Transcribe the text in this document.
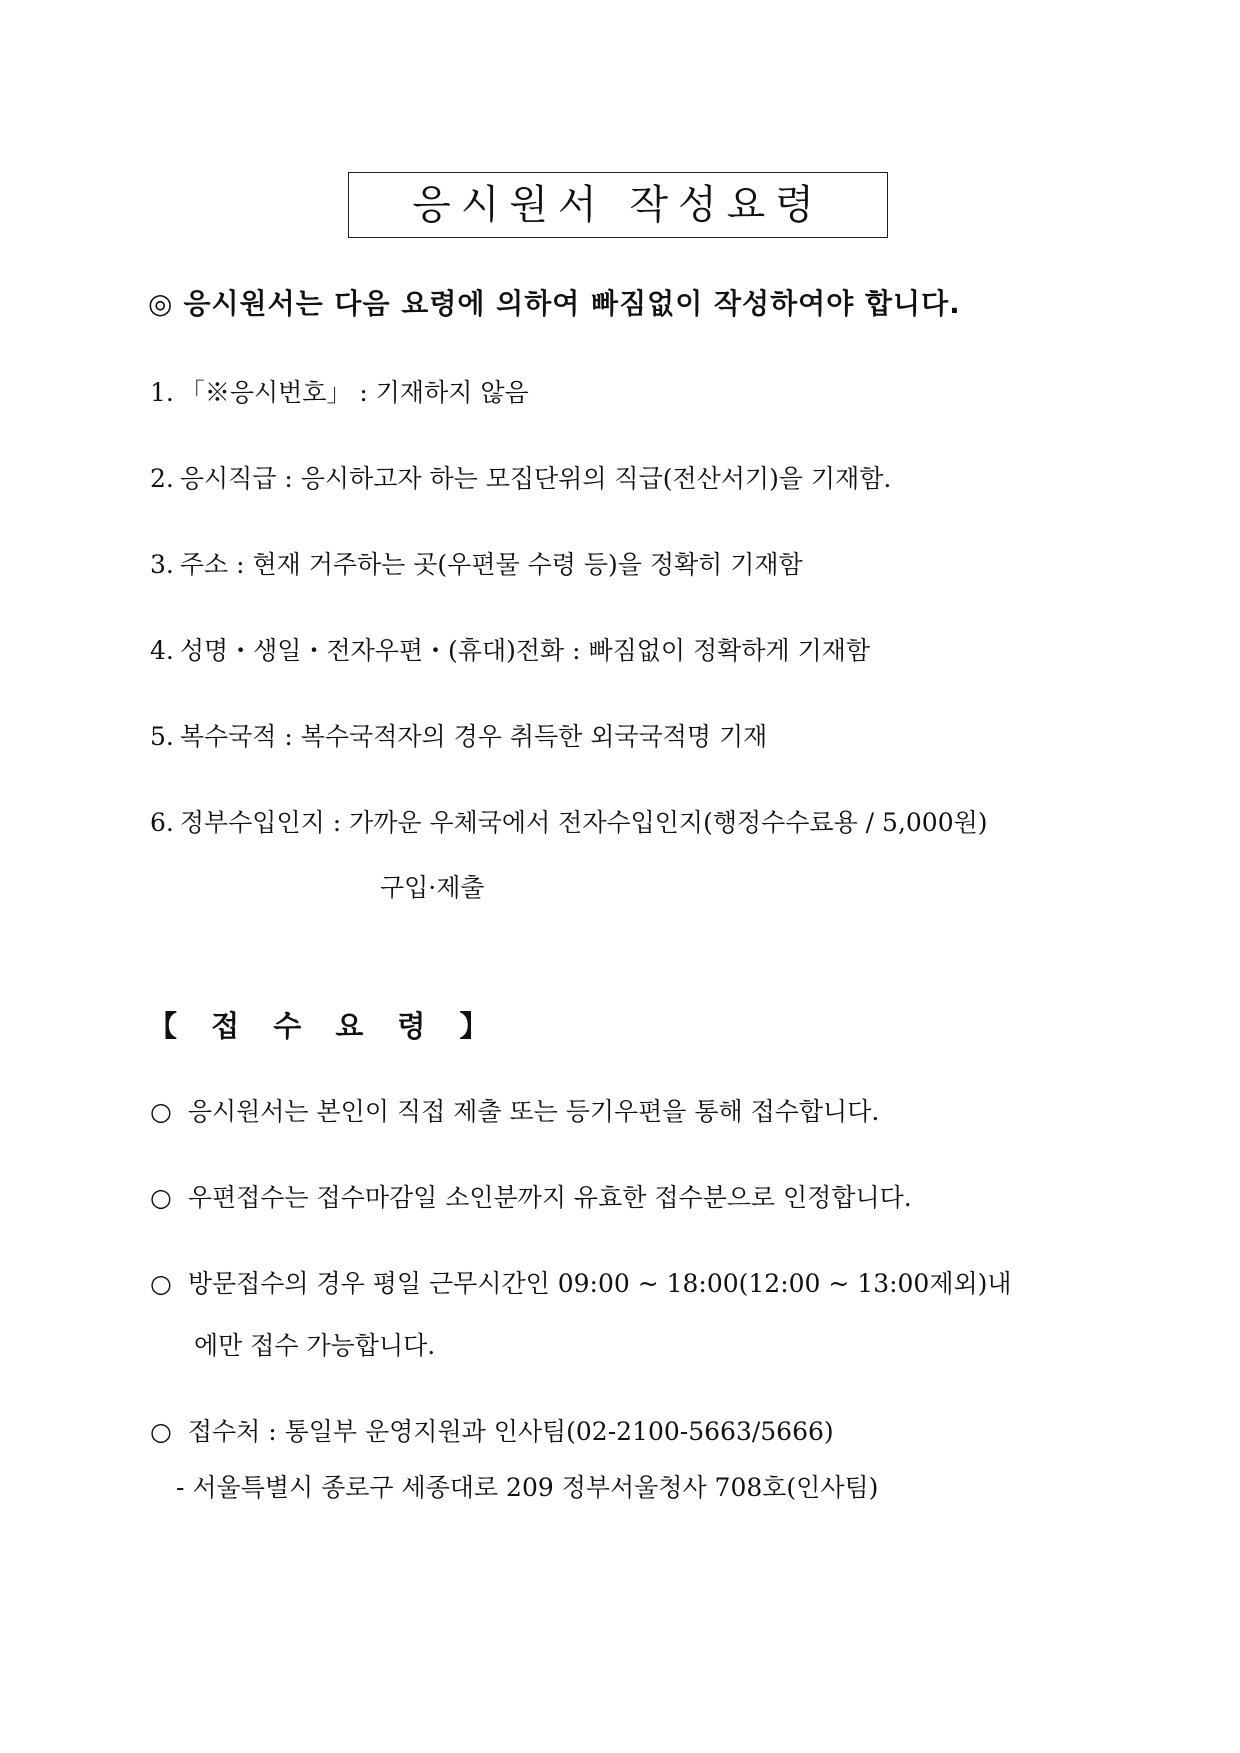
응시원서 작성요령
◎ 응시원서는 다음 요령에 의하여 빠짐없이 작성하여야 합니다.
1. 「※응시번호」 : 기재하지 않음
2. 응시직급 : 응시하고자 하는 모집단위의 직급(전산서기)을 기재함.
3. 주소 : 현재 거주하는 곳(우편물 수령 등)을 정확히 기재함
4. 성명・생일・전자우편・(휴대)전화 : 빠짐없이 정확하게 기재함
5. 복수국적 : 복수국적자의 경우 취득한 외국국적명 기재
6. 정부수입인지 : 가까운 우체국에서 전자수입인지(행정수수료용 / 5,000원)
구입·제출
【 접 수 요 령 】
○ 응시원서는 본인이 직접 제출 또는 등기우편을 통해 접수합니다.
○ 우편접수는 접수마감일 소인분까지 유효한 접수분으로 인정합니다.
○ 방문접수의 경우 평일 근무시간인 09:00 ~ 18:00(12:00 ~ 13:00제외)내
에만 접수 가능합니다.
○ 접수처 : 통일부 운영지원과 인사팀(02-2100-5663/5666)
- 서울특별시 종로구 세종대로 209 정부서울청사 708호(인사팀)
